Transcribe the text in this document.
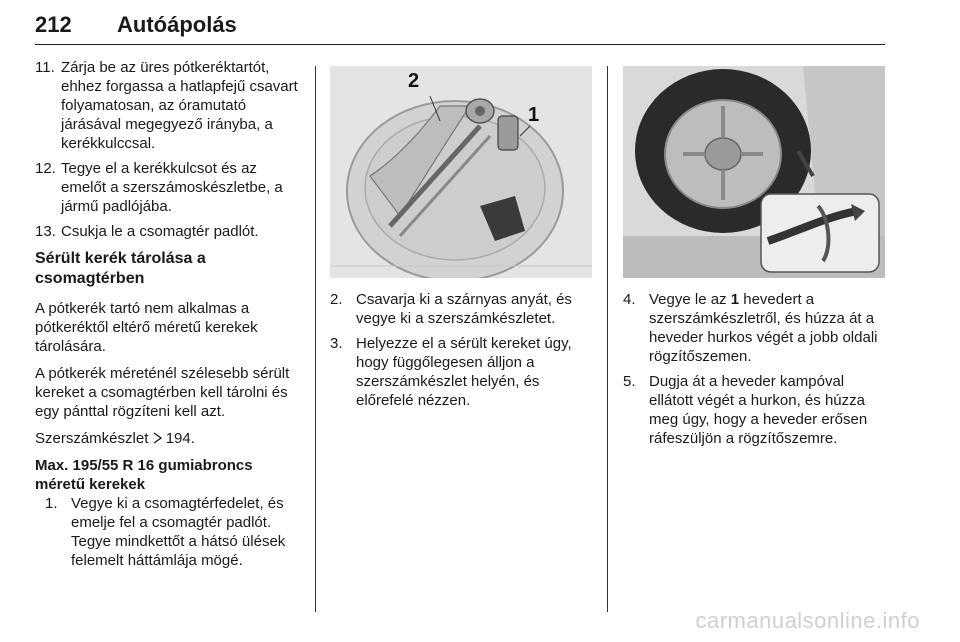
212 Autóápolás
11. Zárja be az üres pótkeréktartót, ehhez forgassa a hatlapfejű csavart folyamatosan, az óramutató járásával megegyező irányba, a kerékkulccsal.
12. Tegye el a kerékkulcsot és az emelőt a szerszámoskészletbe, a jármű padlójába.
13. Csukja le a csomagtér padlót.
Sérült kerék tárolása a csomagtérben

A pótkerék tartó nem alkalmas a pótkeréktől eltérő méretű kerekek tárolására.

A pótkerék méreténél szélesebb sérült kereket a csomagtérben kell tárolni és egy pánttal rögzíteni kell azt.

Szerszámkészlet 194.

Max. 195/55 R 16 gumiabroncs méretű kerekek

1. Vegye ki a csomagtérfedelet, és emelje fel a csomagtér padlót. Tegye mindkettőt a hátsó ülések felemelt háttámlája mögé.
2
1
2. Csavarja ki a szárnyas anyát, és vegye ki a szerszámkészletet.
3. Helyezze el a sérült kereket úgy, hogy függőlegesen álljon a szerszámkészlet helyén, és előrefelé nézzen.
4. Vegye le az 1 hevedert a szerszámkészletről, és húzza át a heveder hurkos végét a jobb oldali rögzítőszemen.
5. Dugja át a heveder kampóval ellátott végét a hurkon, és húzza meg úgy, hogy a heveder erősen ráfeszüljön a rögzítőszemre.
carmanualsonline.info
